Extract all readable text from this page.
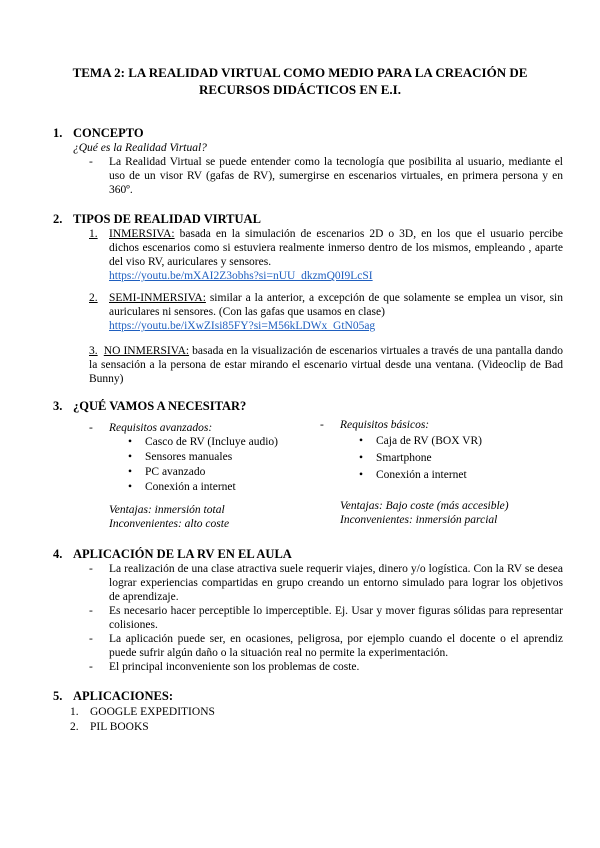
TEMA 2: LA REALIDAD VIRTUAL COMO MEDIO PARA LA CREACIÓN DE
RECURSOS DIDÁCTICOS EN E.I.
1. CONCEPTO
¿Qué es la Realidad Virtual?
- La Realidad Virtual se puede entender como la tecnología que posibilita al usuario, mediante el uso de un visor RV (gafas de RV), sumergirse en escenarios virtuales, en primera persona y en 360º.
2. TIPOS DE REALIDAD VIRTUAL
1. INMERSIVA: basada en la simulación de escenarios 2D o 3D, en los que el usuario percibe dichos escenarios como si estuviera realmente inmerso dentro de los mismos, empleando , aparte del viso RV, auriculares y sensores.
https://youtu.be/mXAI2Z3obhs?si=nUU_dkzmQ0I9LcSI
2. SEMI-INMERSIVA: similar a la anterior, a excepción de que solamente se emplea un visor, sin auriculares ni sensores. (Con las gafas que usamos en clase)
https://youtu.be/iXwZIsi85FY?si=M56kLDWx_GtN05ag
3. NO INMERSIVA: basada en la visualización de escenarios virtuales a través de una pantalla dando la sensación a la persona de estar mirando el escenario virtual desde una ventana. (Videoclip de Bad Bunny)
3. ¿QUÉ VAMOS A NECESITAR?
- Requisitos avanzados:
• Casco de RV (Incluye audio)
• Sensores manuales
• PC avanzado
• Conexión a internet
Ventajas: inmersión total
Inconvenientes: alto coste
- Requisitos básicos:
• Caja de RV (BOX VR)
• Smartphone
• Conexión a internet
Ventajas: Bajo coste (más accesible)
Inconvenientes: inmersión parcial
4. APLICACIÓN DE LA RV EN EL AULA
- La realización de una clase atractiva suele requerir viajes, dinero y/o logística. Con la RV se desea lograr experiencias compartidas en grupo creando un entorno simulado para lograr los objetivos de aprendizaje.
- Es necesario hacer perceptible lo imperceptible. Ej. Usar y mover figuras sólidas para representar colisiones.
- La aplicación puede ser, en ocasiones, peligrosa, por ejemplo cuando el docente o el aprendiz puede sufrir algún daño o la situación real no permite la experimentación.
- El principal inconveniente son los problemas de coste.
5. APLICACIONES:
1. GOOGLE EXPEDITIONS
2. PIL BOOKS
